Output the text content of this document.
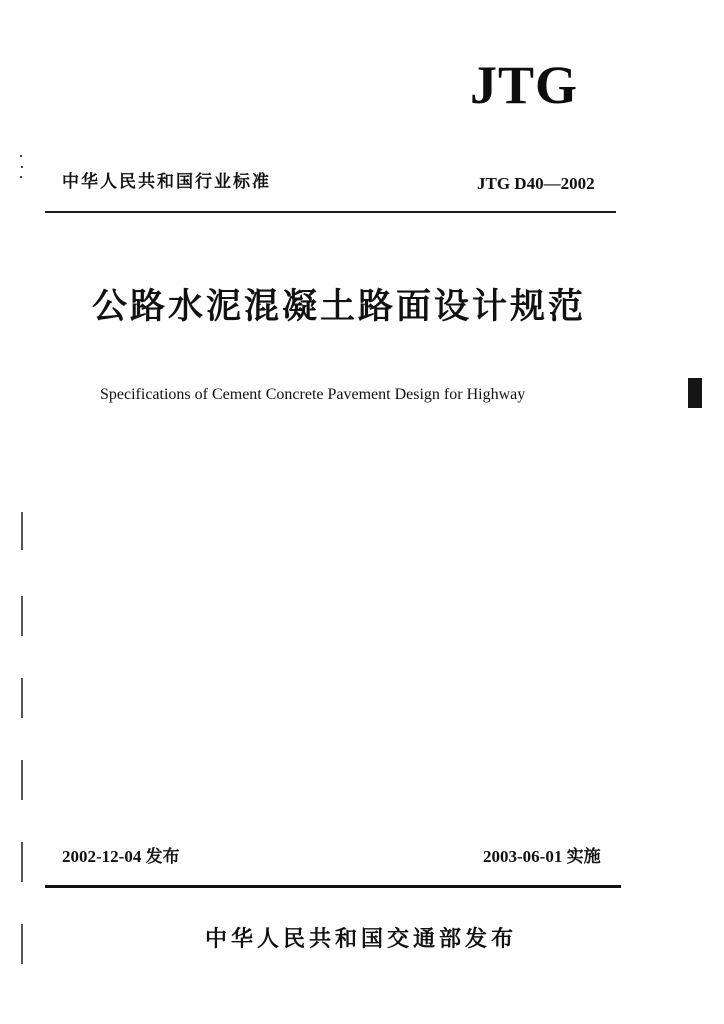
JTG
中华人民共和国行业标准	JTG D40—2002
公路水泥混凝土路面设计规范
Specifications of Cement Concrete Pavement Design for Highway
2002-12-04 发布	2003-06-01 实施
中华人民共和国交通部发布
